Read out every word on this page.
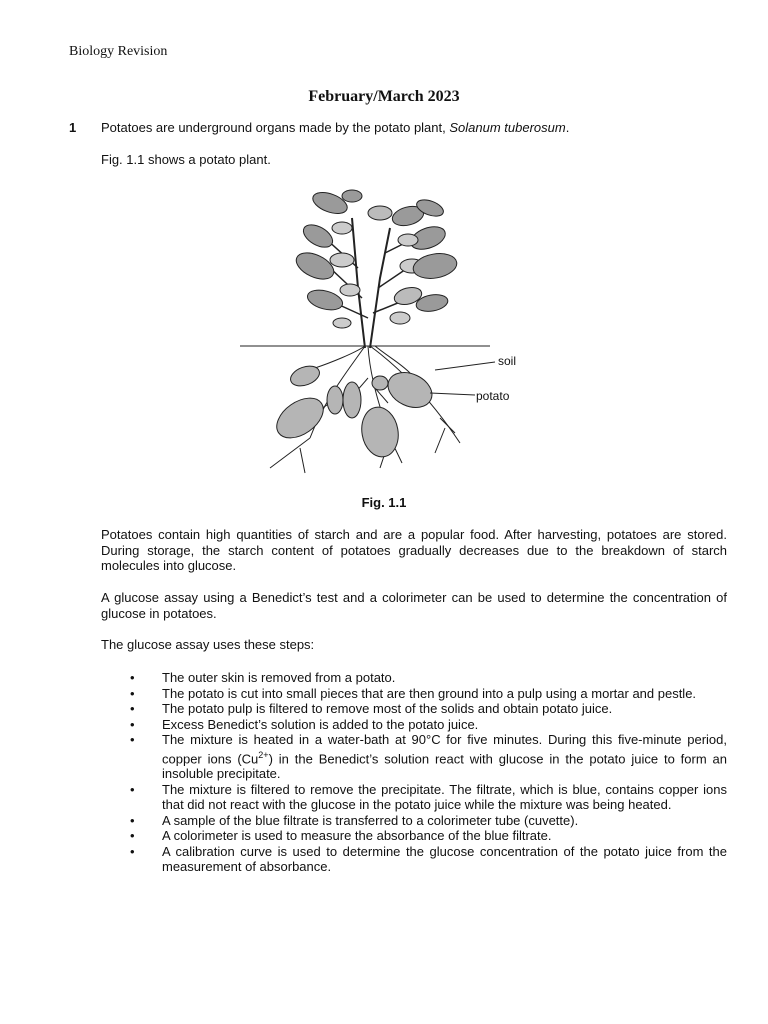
Biology Revision
February/March 2023
1 Potatoes are underground organs made by the potato plant, Solanum tuberosum.
Fig. 1.1 shows a potato plant.
soil
potato
Fig. 1.1
Potatoes contain high quantities of starch and are a popular food. After harvesting, potatoes are stored. During storage, the starch content of potatoes gradually decreases due to the breakdown of starch molecules into glucose.
A glucose assay using a Benedict’s test and a colorimeter can be used to determine the concentration of glucose in potatoes.
The glucose assay uses these steps:
• The outer skin is removed from a potato.
• The potato is cut into small pieces that are then ground into a pulp using a mortar and pestle.
• The potato pulp is filtered to remove most of the solids and obtain potato juice.
• Excess Benedict’s solution is added to the potato juice.
• The mixture is heated in a water-bath at 90°C for five minutes. During this five-minute period, copper ions $(Cu^{2+})$ in the Benedict’s solution react with glucose in the potato juice to form an insoluble precipitate.
• The mixture is filtered to remove the precipitate. The filtrate, which is blue, contains copper ions that did not react with the glucose in the potato juice while the mixture was being heated.
• A sample of the blue filtrate is transferred to a colorimeter tube (cuvette).
• A colorimeter is used to measure the absorbance of the blue filtrate.
• A calibration curve is used to determine the glucose concentration of the potato juice from the measurement of absorbance.
